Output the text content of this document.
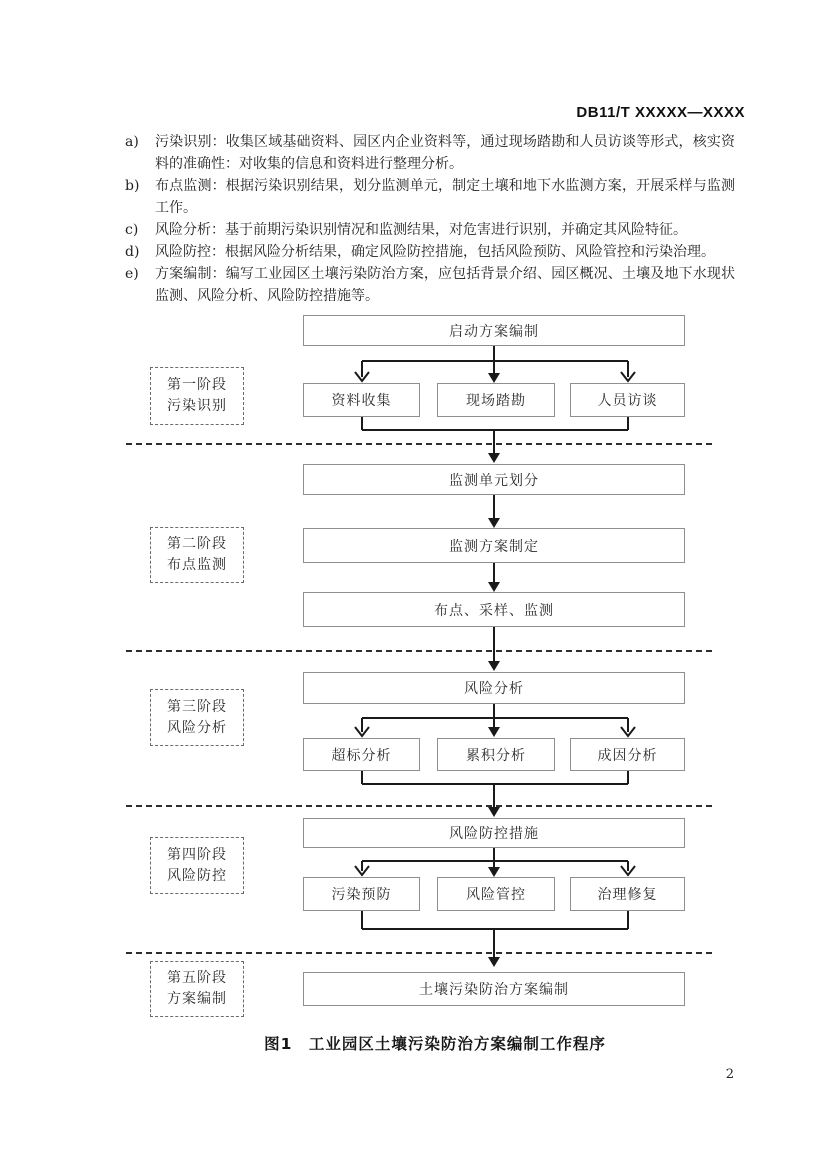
DB11/T XXXXX—XXXX
a)	污染识别：收集区域基础资料、园区内企业资料等，通过现场踏勘和人员访谈等形式，核实资料的准确性：对收集的信息和资料进行整理分析。
b)	布点监测：根据污染识别结果，划分监测单元，制定土壤和地下水监测方案，开展采样与监测工作。
c)	风险分析：基于前期污染识别情况和监测结果，对危害进行识别，并确定其风险特征。
d)	风险防控：根据风险分析结果，确定风险防控措施，包括风险预防、风险管控和污染治理。
e)	方案编制：编写工业园区土壤污染防治方案，应包括背景介绍、园区概况、土壤及地下水现状监测、风险分析、风险防控措施等。
第一阶段
污染识别
第二阶段
布点监测
第三阶段
风险分析
第四阶段
风险防控
第五阶段
方案编制
启动方案编制
资料收集	现场踏勘	人员访谈
监测单元划分
监测方案制定
布点、采样、监测
风险分析
超标分析	累积分析	成因分析
风险防控措施
污染预防	风险管控	治理修复
土壤污染防治方案编制
图1　工业园区土壤污染防治方案编制工作程序
2
